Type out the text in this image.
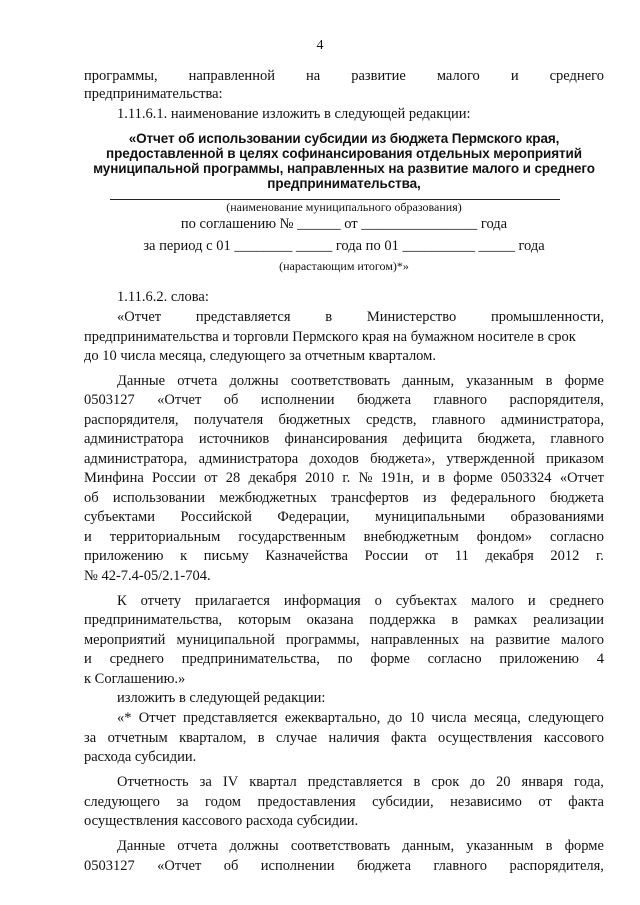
4
программы, направленной на развитие малого и среднего
предпринимательства:
1.11.6.1. наименование изложить в следующей редакции:
«Отчет об использовании субсидии из бюджета Пермского края,
предоставленной в целях софинансирования отдельных мероприятий
муниципальной программы, направленных на развитие малого и среднего
предпринимательства,
(наименование муниципального образования)
по соглашению № ______ от ________________ года
за период с 01 ________ _____ года по 01 __________ _____ года
(нарастающим итогом)*»
1.11.6.2. слова:
«Отчет представляется в Министерство промышленности,
предпринимательства и торговли Пермского края на бумажном носителе в срок
до 10 числа месяца, следующего за отчетным кварталом.
Данные отчета должны соответствовать данным, указанным в форме
0503127 «Отчет об исполнении бюджета главного распорядителя,
распорядителя, получателя бюджетных средств, главного администратора,
администратора источников финансирования дефицита бюджета, главного
администратора, администратора доходов бюджета», утвержденной приказом
Минфина России от 28 декабря 2010 г. № 191н, и в форме 0503324 «Отчет
об использовании межбюджетных трансфертов из федерального бюджета
субъектами Российской Федерации, муниципальными образованиями
и территориальным государственным внебюджетным фондом» согласно
приложению к письму Казначейства России от 11 декабря 2012 г.
№ 42-7.4-05/2.1-704.
К отчету прилагается информация о субъектах малого и среднего
предпринимательства, которым оказана поддержка в рамках реализации
мероприятий муниципальной программы, направленных на развитие малого
и среднего предпринимательства, по форме согласно приложению 4
к Соглашению.»
изложить в следующей редакции:
«* Отчет представляется ежеквартально, до 10 числа месяца, следующего
за отчетным кварталом, в случае наличия факта осуществления кассового
расхода субсидии.
Отчетность за IV квартал представляется в срок до 20 января года,
следующего за годом предоставления субсидии, независимо от факта
осуществления кассового расхода субсидии.
Данные отчета должны соответствовать данным, указанным в форме
0503127 «Отчет об исполнении бюджета главного распорядителя,
